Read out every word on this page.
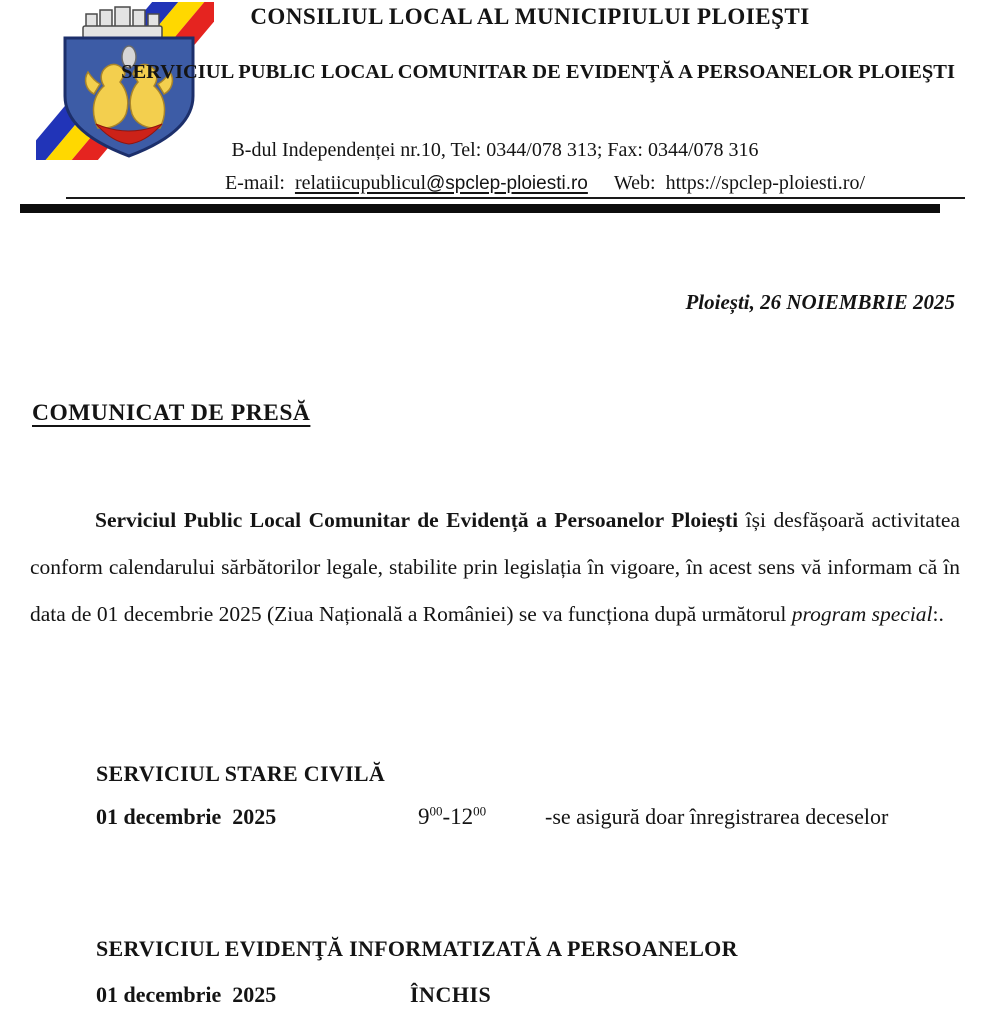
CONSILIUL LOCAL AL MUNICIPIULUI PLOIEŞTI
SERVICIUL PUBLIC LOCAL COMUNITAR DE EVIDENŢĂ A PERSOANELOR PLOIEŞTI
B-dul Independenței nr.10, Tel: 0344/078 313; Fax: 0344/078 316
E-mail: relatiicupublicul@spclep-ploiesti.ro Web: https://spclep-ploiesti.ro/
Ploiești, 26 NOIEMBRIE 2025
COMUNICAT DE PRESĂ

Serviciul Public Local Comunitar de Evidență a Persoanelor Ploiești își desfășoară activitatea conform calendarului sărbătorilor legale, stabilite prin legislația în vigoare, în acest sens vă informam că în data de 01 decembrie 2025 (Ziua Națională a României) se va funcționa după următorul program special:.

SERVICIUL STARE CIVILĂ
01 decembrie  2025	$9^{00}-12^{00}$	-se asigură doar înregistrarea deceselor
SERVICIUL EVIDENŢĂ INFORMATIZATĂ A PERSOANELOR
01 decembrie  2025	ÎNCHIS
